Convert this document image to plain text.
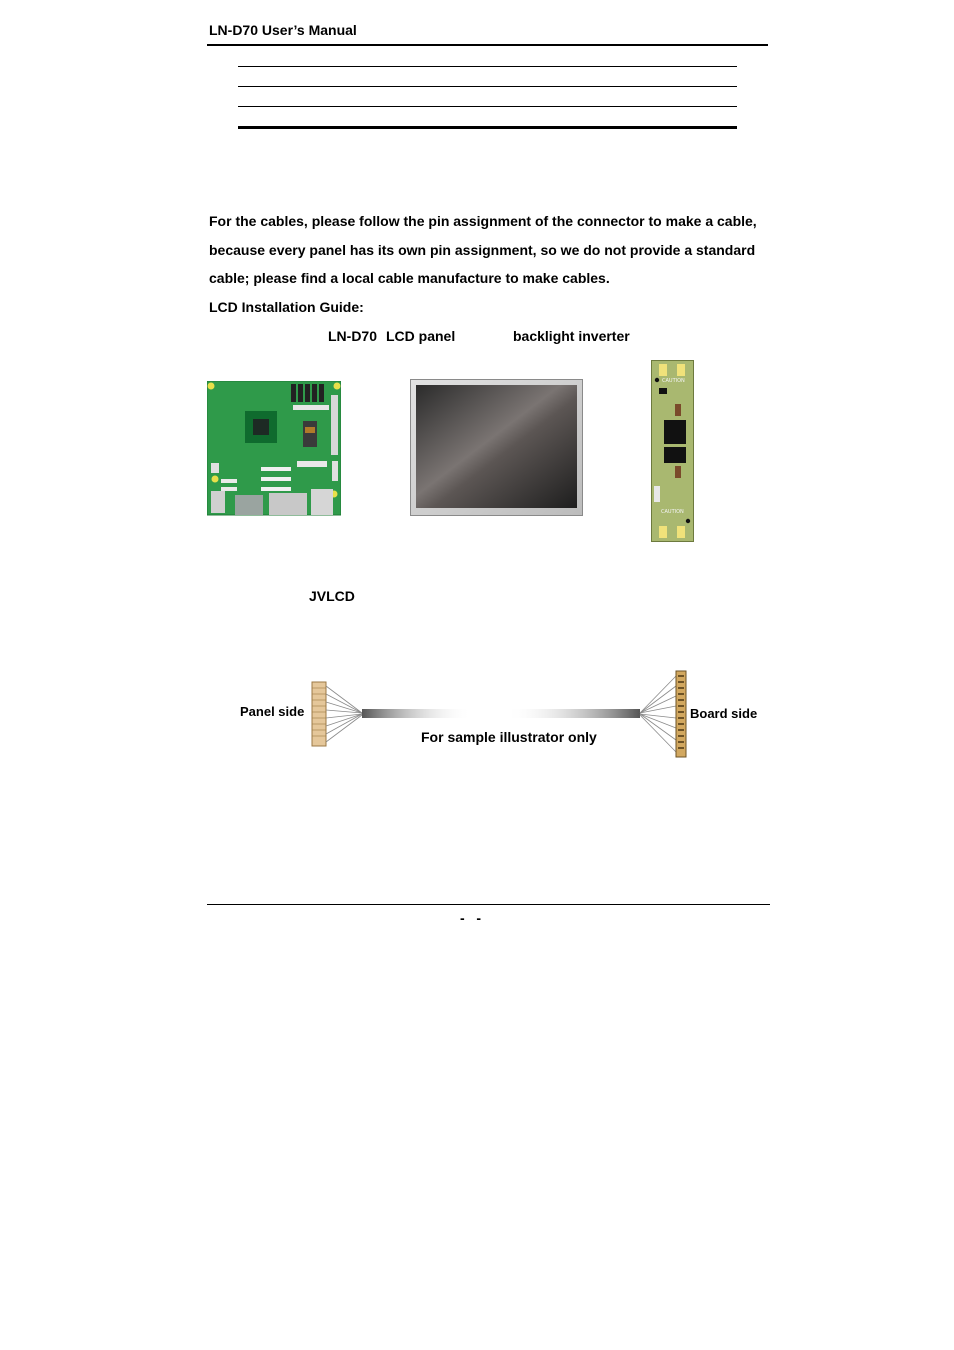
LN-D70 User’s Manual
For the cables, please follow the pin assignment of the connector to make a cable,
because every panel has its own pin assignment, so we do not provide a standard
cable; please find a local cable manufacture to make cables.
LCD Installation Guide:
LN-D70 LCD panel	backlight inverter
CAUTION
CAUTION
JVLCD
Panel side	Board side
For sample illustrator only
-   -
